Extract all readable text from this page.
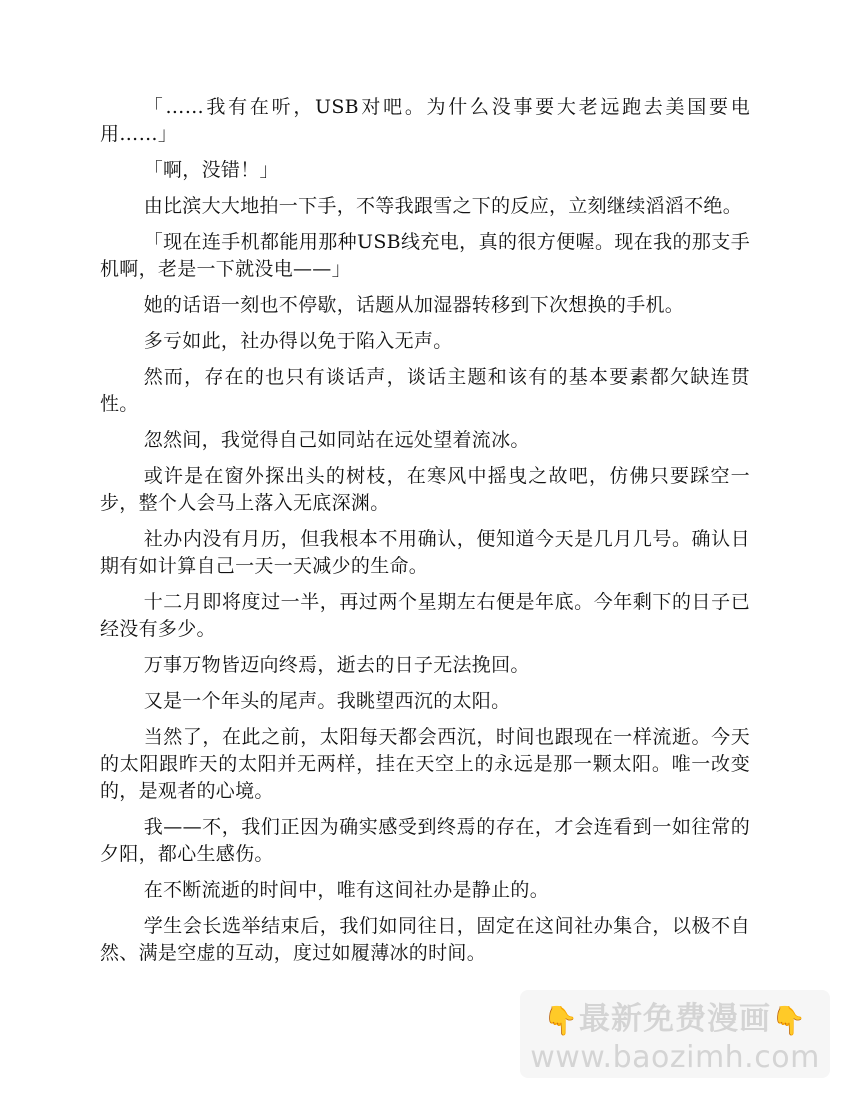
「……我有在听，USB对吧。为什么没事要大老远跑去美国要电用……」

「啊，没错！」

由比滨大大地拍一下手，不等我跟雪之下的反应，立刻继续滔滔不绝。

「现在连手机都能用那种USB线充电，真的很方便喔。现在我的那支手机啊，老是一下就没电——」

她的话语一刻也不停歇，话题从加湿器转移到下次想换的手机。

多亏如此，社办得以免于陷入无声。

然而，存在的也只有谈话声，谈话主题和该有的基本要素都欠缺连贯性。

忽然间，我觉得自己如同站在远处望着流冰。

或许是在窗外探出头的树枝，在寒风中摇曳之故吧，仿佛只要踩空一步，整个人会马上落入无底深渊。

社办内没有月历，但我根本不用确认，便知道今天是几月几号。确认日期有如计算自己一天一天减少的生命。

十二月即将度过一半，再过两个星期左右便是年底。今年剩下的日子已经没有多少。

万事万物皆迈向终焉，逝去的日子无法挽回。

又是一个年头的尾声。我眺望西沉的太阳。

当然了，在此之前，太阳每天都会西沉，时间也跟现在一样流逝。今天的太阳跟昨天的太阳并无两样，挂在天空上的永远是那一颗太阳。唯一改变的，是观者的心境。

我——不，我们正因为确实感受到终焉的存在，才会连看到一如往常的夕阳，都心生感伤。

在不断流逝的时间中，唯有这间社办是静止的。

学生会长选举结束后，我们如同往日，固定在这间社办集合，以极不自然、满是空虚的互动，度过如履薄冰的时间。

👇最新免费漫画👇
www.baozimh.com
